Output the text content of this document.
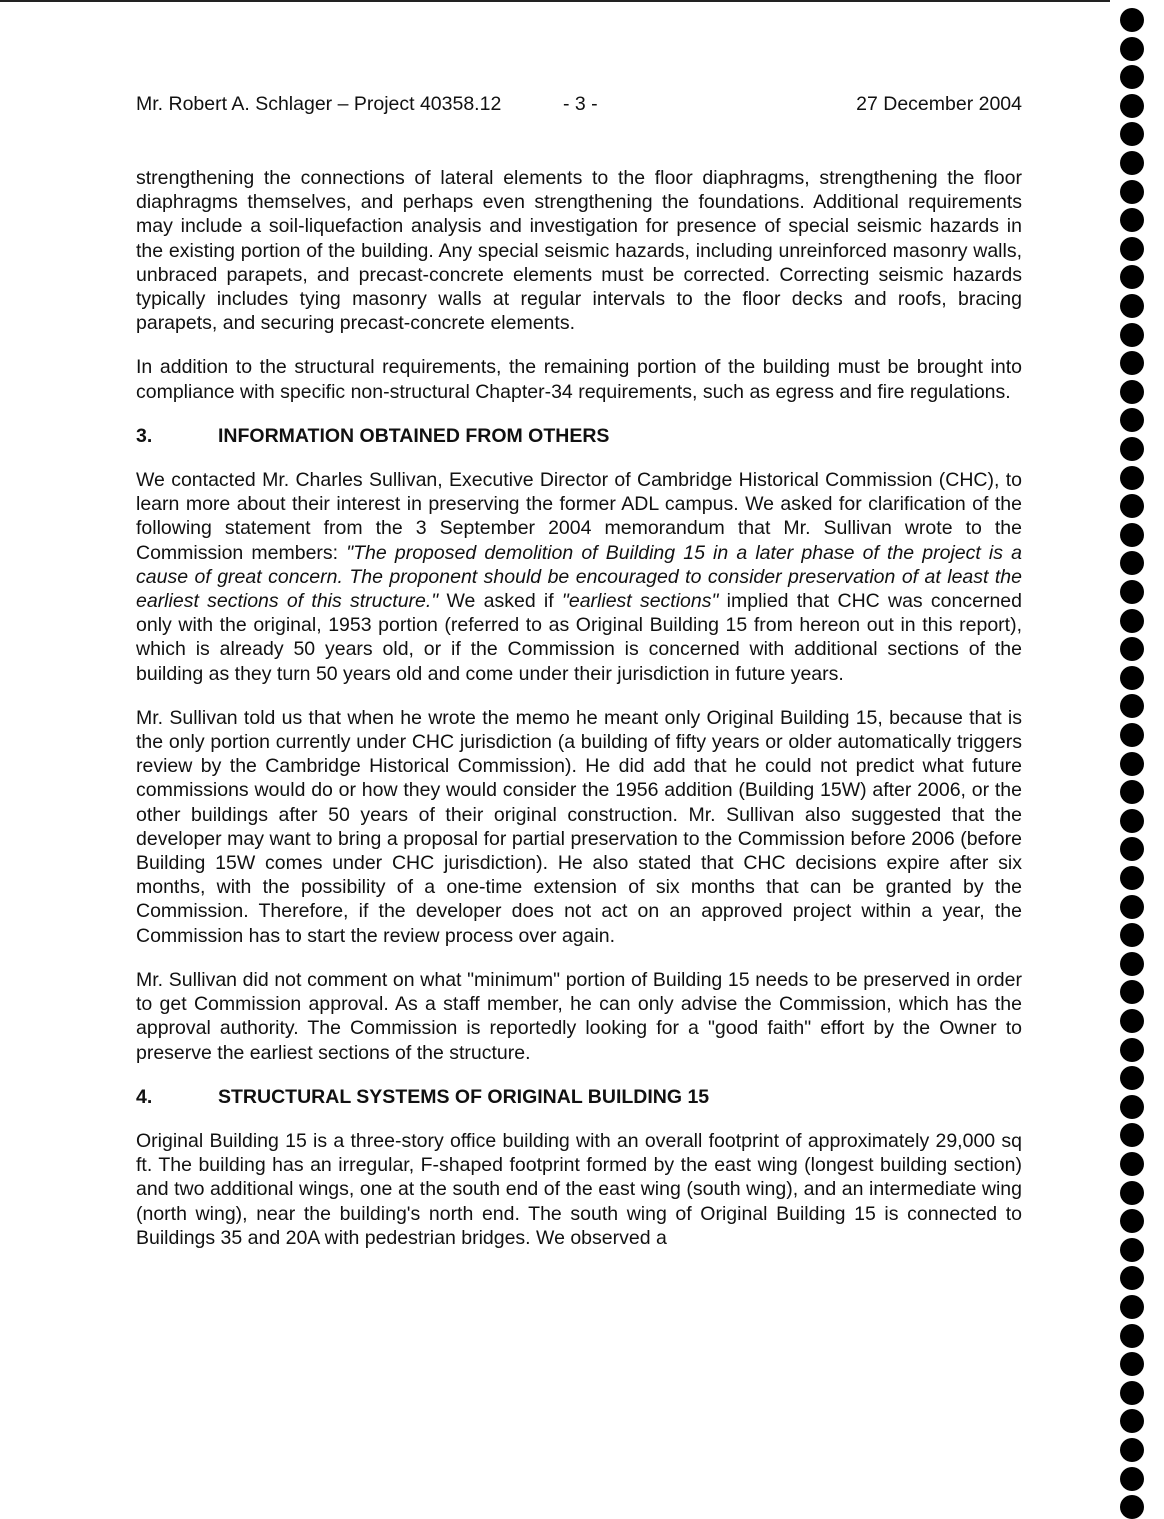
Mr. Robert A. Schlager – Project 40358.12	- 3 -	27 December 2004

strengthening the connections of lateral elements to the floor diaphragms, strengthening the floor diaphragms themselves, and perhaps even strengthening the foundations. Additional requirements may include a soil-liquefaction analysis and investigation for presence of special seismic hazards in the existing portion of the building. Any special seismic hazards, including unreinforced masonry walls, unbraced parapets, and precast-concrete elements must be corrected. Correcting seismic hazards typically includes tying masonry walls at regular intervals to the floor decks and roofs, bracing parapets, and securing precast-concrete elements.

In addition to the structural requirements, the remaining portion of the building must be brought into compliance with specific non-structural Chapter-34 requirements, such as egress and fire regulations.

3.	INFORMATION OBTAINED FROM OTHERS

We contacted Mr. Charles Sullivan, Executive Director of Cambridge Historical Commission (CHC), to learn more about their interest in preserving the former ADL campus. We asked for clarification of the following statement from the 3 September 2004 memorandum that Mr. Sullivan wrote to the Commission members: "The proposed demolition of Building 15 in a later phase of the project is a cause of great concern. The proponent should be encouraged to consider preservation of at least the earliest sections of this structure." We asked if "earliest sections" implied that CHC was concerned only with the original, 1953 portion (referred to as Original Building 15 from hereon out in this report), which is already 50 years old, or if the Commission is concerned with additional sections of the building as they turn 50 years old and come under their jurisdiction in future years.

Mr. Sullivan told us that when he wrote the memo he meant only Original Building 15, because that is the only portion currently under CHC jurisdiction (a building of fifty years or older automatically triggers review by the Cambridge Historical Commission). He did add that he could not predict what future commissions would do or how they would consider the 1956 addition (Building 15W) after 2006, or the other buildings after 50 years of their original construction. Mr. Sullivan also suggested that the developer may want to bring a proposal for partial preservation to the Commission before 2006 (before Building 15W comes under CHC jurisdiction). He also stated that CHC decisions expire after six months, with the possibility of a one-time extension of six months that can be granted by the Commission. Therefore, if the developer does not act on an approved project within a year, the Commission has to start the review process over again.

Mr. Sullivan did not comment on what "minimum" portion of Building 15 needs to be preserved in order to get Commission approval. As a staff member, he can only advise the Commission, which has the approval authority. The Commission is reportedly looking for a "good faith" effort by the Owner to preserve the earliest sections of the structure.

4.	STRUCTURAL SYSTEMS OF ORIGINAL BUILDING 15

Original Building 15 is a three-story office building with an overall footprint of approximately 29,000 sq ft. The building has an irregular, F-shaped footprint formed by the east wing (longest building section) and two additional wings, one at the south end of the east wing (south wing), and an intermediate wing (north wing), near the building's north end. The south wing of Original Building 15 is connected to Buildings 35 and 20A with pedestrian bridges. We observed a
